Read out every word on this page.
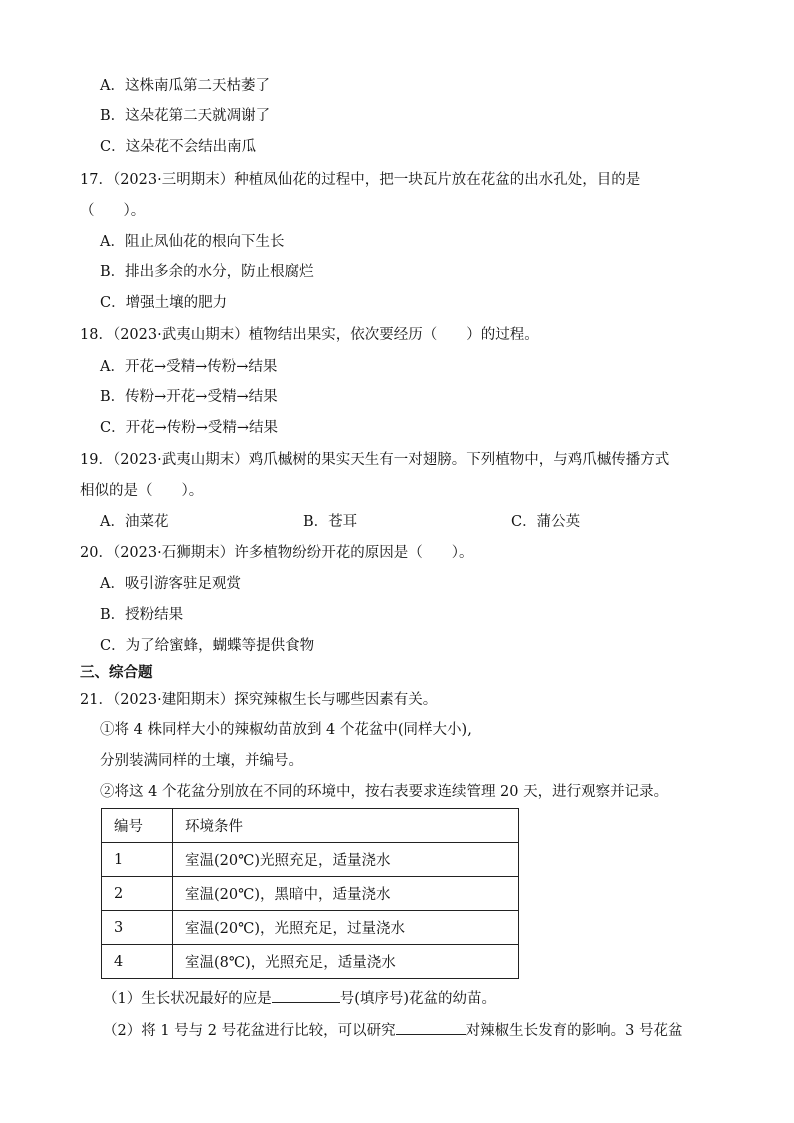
A．这株南瓜第二天枯萎了
B．这朵花第二天就凋谢了
C．这朵花不会结出南瓜
17．（2023·三明期末）种植凤仙花的过程中，把一块瓦片放在花盆的出水孔处，目的是
（　　）。
A．阻止凤仙花的根向下生长
B．排出多余的水分，防止根腐烂
C．增强土壤的肥力
18．（2023·武夷山期末）植物结出果实，依次要经历（　　）的过程。
A．开花→受精→传粉→结果
B．传粉→开花→受精→结果
C．开花→传粉→受精→结果
19．（2023·武夷山期末）鸡爪槭树的果实天生有一对翅膀。下列植物中，与鸡爪槭传播方式
相似的是（　　）。
A．油菜花	B．苍耳	C．蒲公英
20．（2023·石狮期末）许多植物纷纷开花的原因是（　　）。
A．吸引游客驻足观赏
B．授粉结果
C．为了给蜜蜂，蝴蝶等提供食物
三、综合题
21．（2023·建阳期末）探究辣椒生长与哪些因素有关。
①将 4 株同样大小的辣椒幼苗放到 4 个花盆中(同样大小),
分别装满同样的土壤，并编号。
②将这 4 个花盆分别放在不同的环境中，按右表要求连续管理 20 天，进行观察并记录。
编号	环境条件
1	室温(20℃)光照充足，适量浇水
2	室温(20℃)，黑暗中，适量浇水
3	室温(20℃)，光照充足，过量浇水
4	室温(8℃)，光照充足，适量浇水
（1）生长状况最好的应是	号(填序号)花盆的幼苗。
（2）将 1 号与 2 号花盆进行比较，可以研究	对辣椒生长发育的影响。3 号花盆
